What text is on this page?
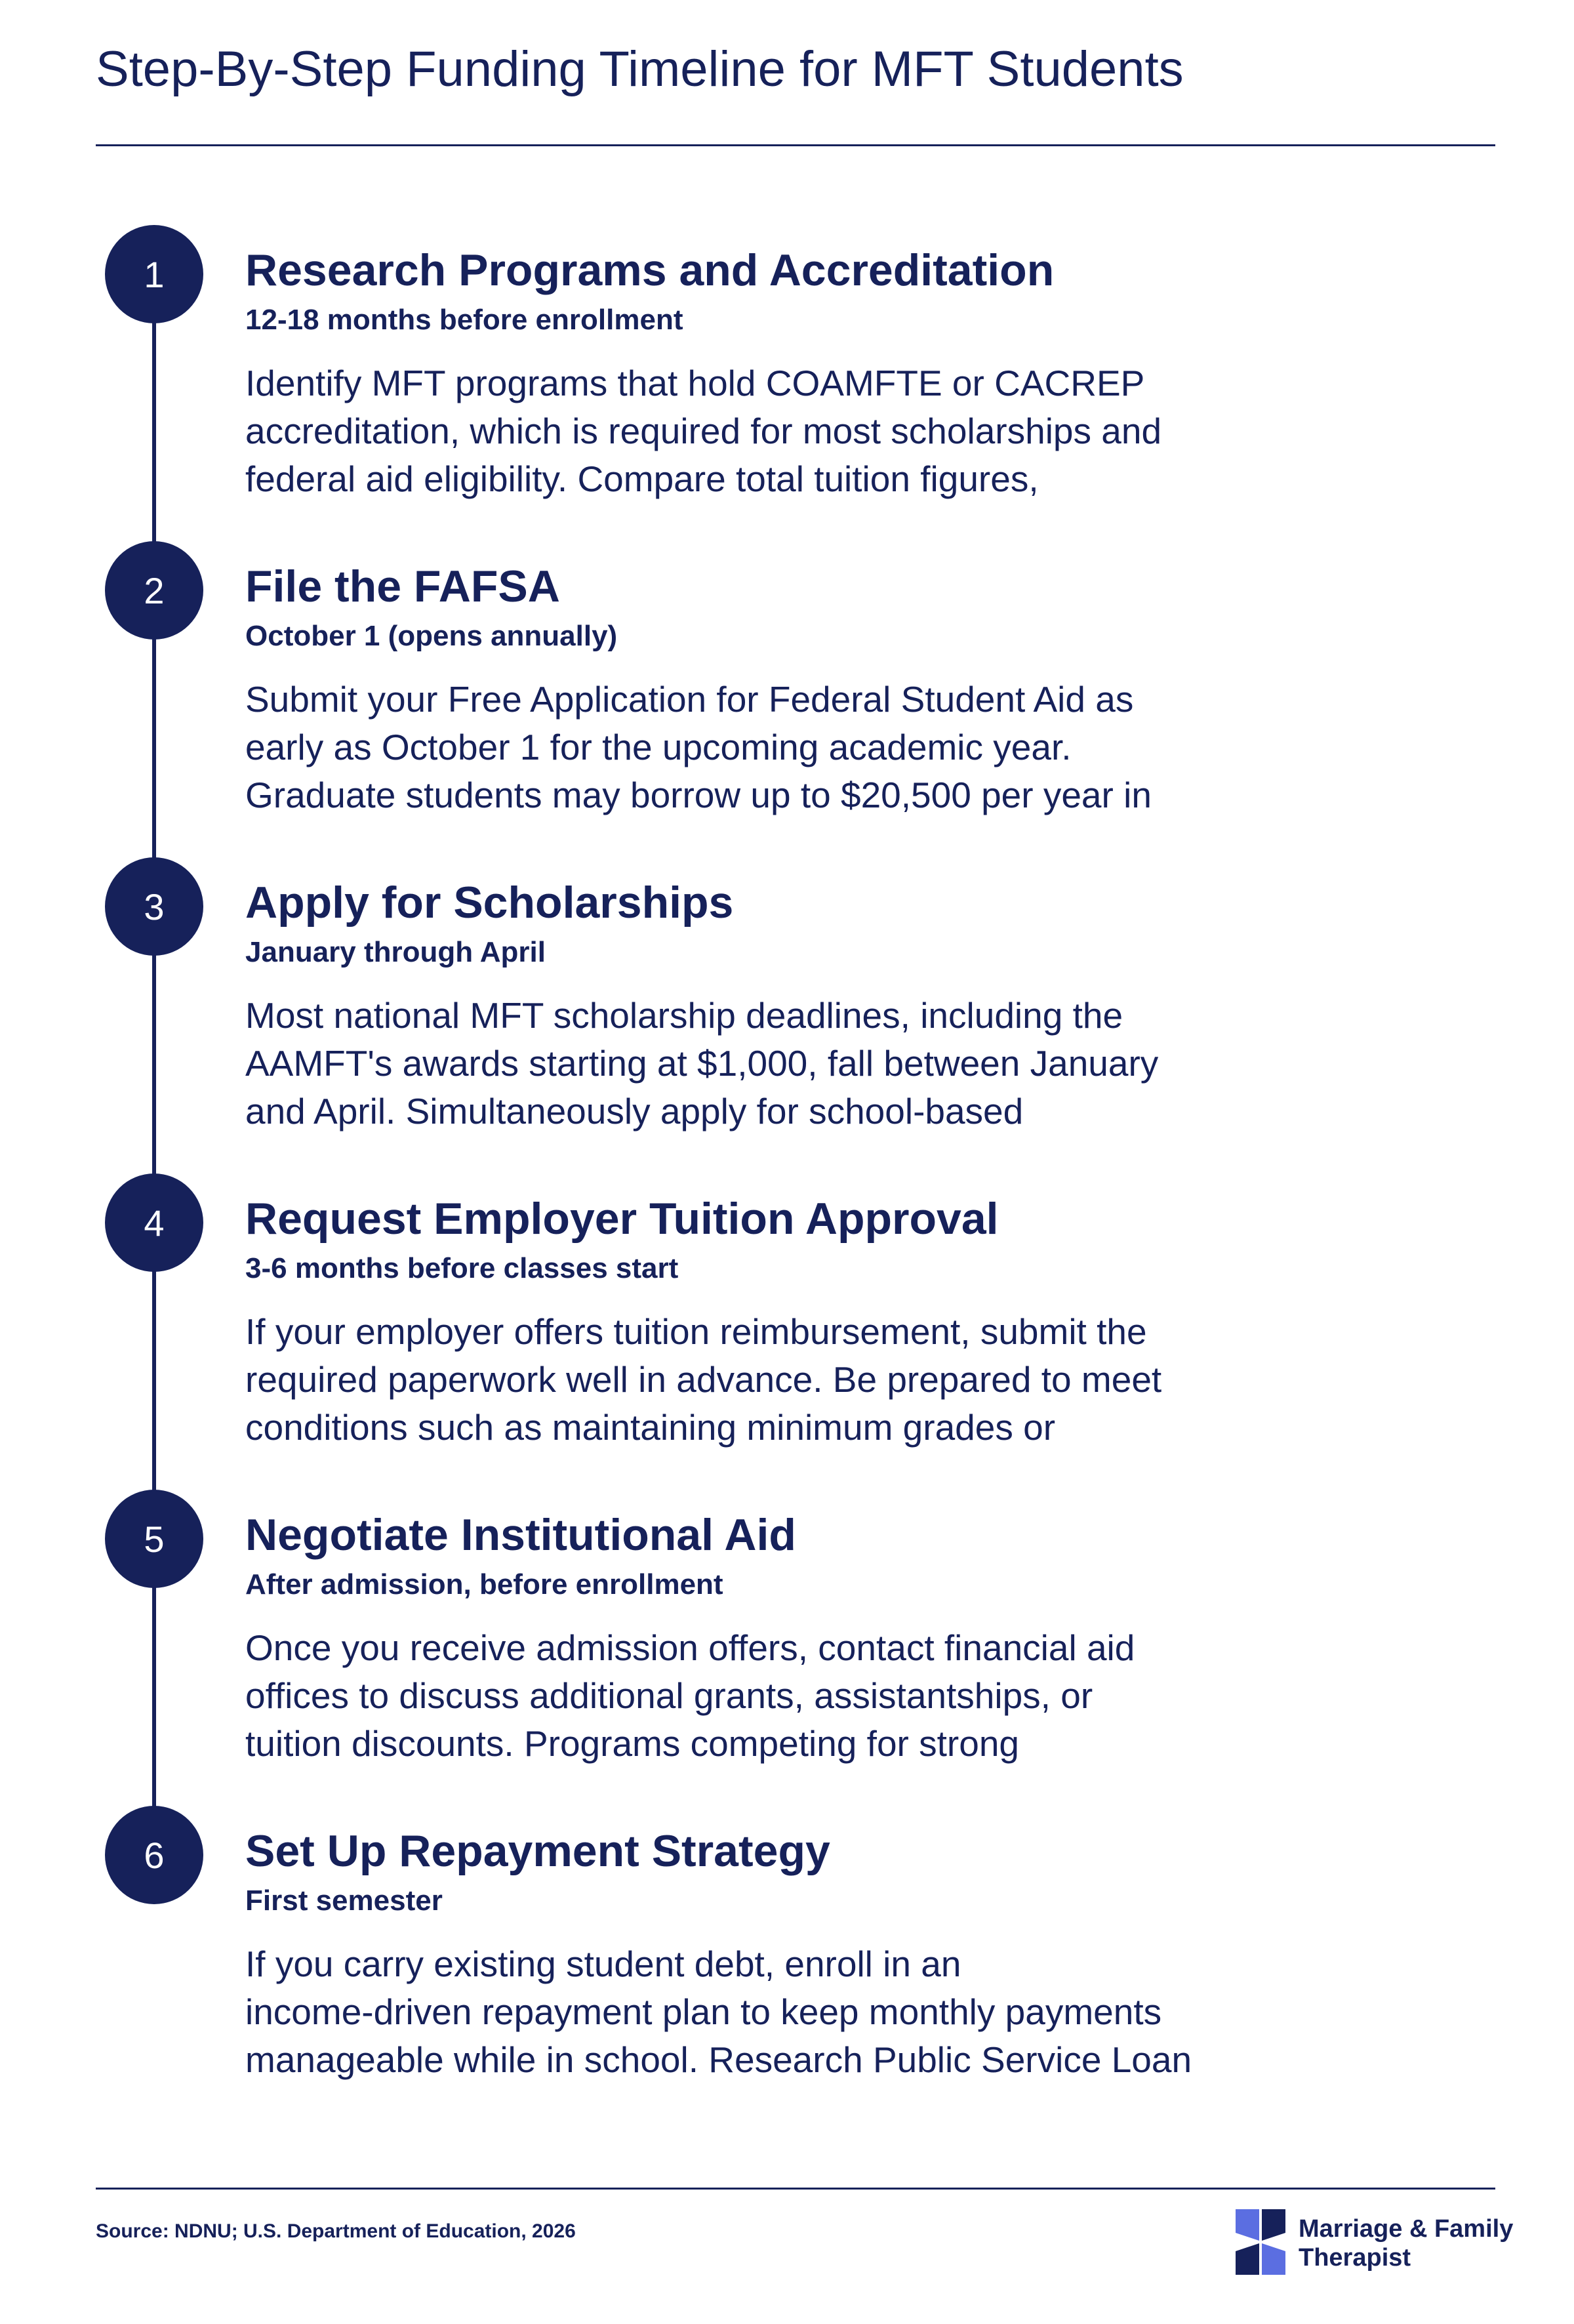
Step-By-Step Funding Timeline for MFT Students
1	Research Programs and Accreditation
12-18 months before enrollment
Identify MFT programs that hold COAMFTE or CACREP
accreditation, which is required for most scholarships and
federal aid eligibility. Compare total tuition figures,
2	File the FAFSA
October 1 (opens annually)
Submit your Free Application for Federal Student Aid as
early as October 1 for the upcoming academic year.
Graduate students may borrow up to $20,500 per year in
3	Apply for Scholarships
January through April
Most national MFT scholarship deadlines, including the
AAMFT's awards starting at $1,000, fall between January
and April. Simultaneously apply for school-based
4	Request Employer Tuition Approval
3-6 months before classes start
If your employer offers tuition reimbursement, submit the
required paperwork well in advance. Be prepared to meet
conditions such as maintaining minimum grades or
5	Negotiate Institutional Aid
After admission, before enrollment
Once you receive admission offers, contact financial aid
offices to discuss additional grants, assistantships, or
tuition discounts. Programs competing for strong
6	Set Up Repayment Strategy
First semester
If you carry existing student debt, enroll in an
income-driven repayment plan to keep monthly payments
manageable while in school. Research Public Service Loan
Source: NDNU; U.S. Department of Education, 2026	Marriage & Family
Therapist
